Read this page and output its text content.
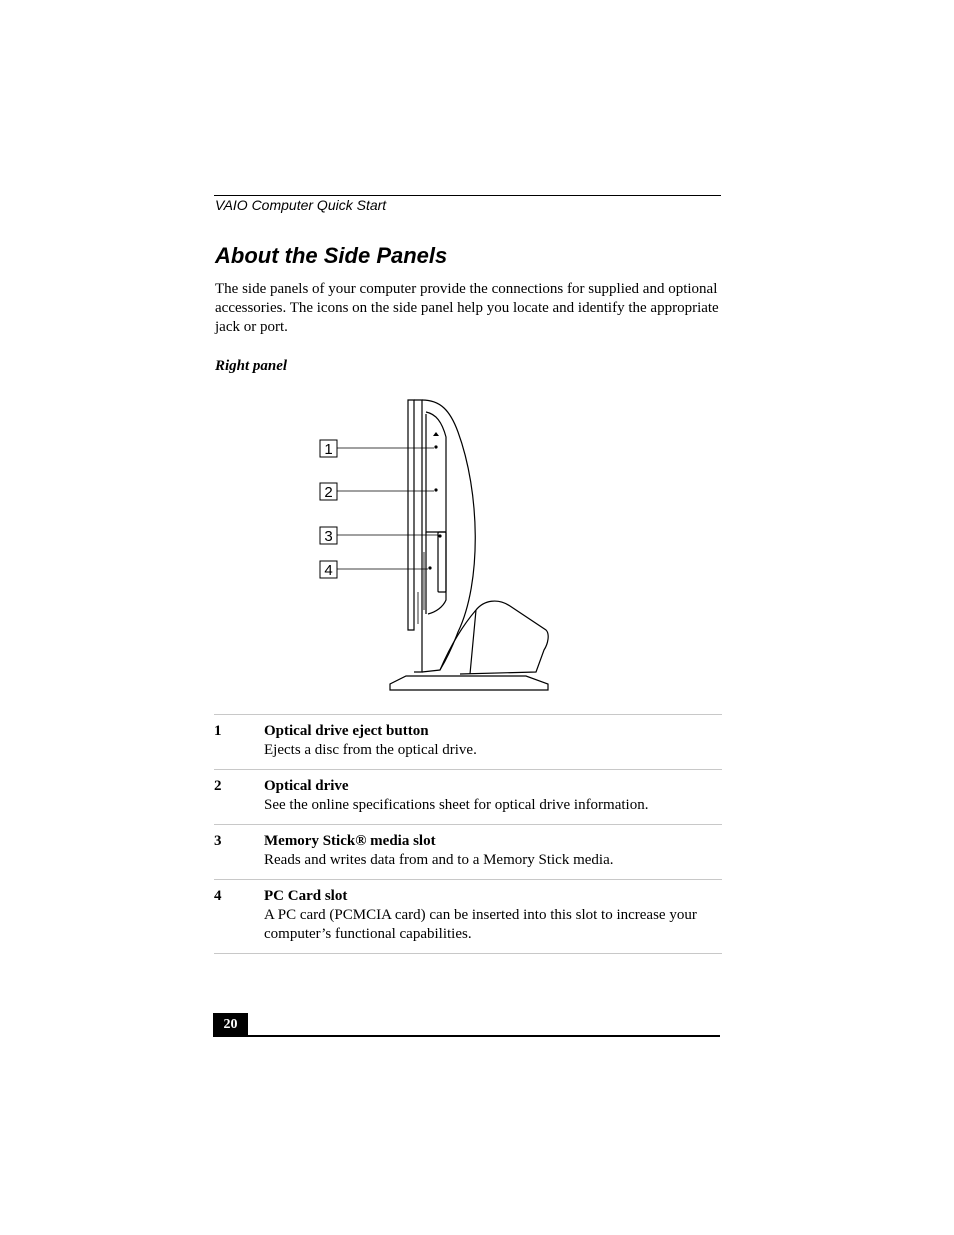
VAIO Computer Quick Start
About the Side Panels

The side panels of your computer provide the connections for supplied and optional accessories. The icons on the side panel help you locate and identify the appropriate jack or port.

Right panel
1
2
3
4
1	Optical drive eject button
Ejects a disc from the optical drive.
2	Optical drive
See the online specifications sheet for optical drive information.
3	Memory Stick® media slot
Reads and writes data from and to a Memory Stick media.
4	PC Card slot
A PC card (PCMCIA card) can be inserted into this slot to increase your computer’s functional capabilities.
20
